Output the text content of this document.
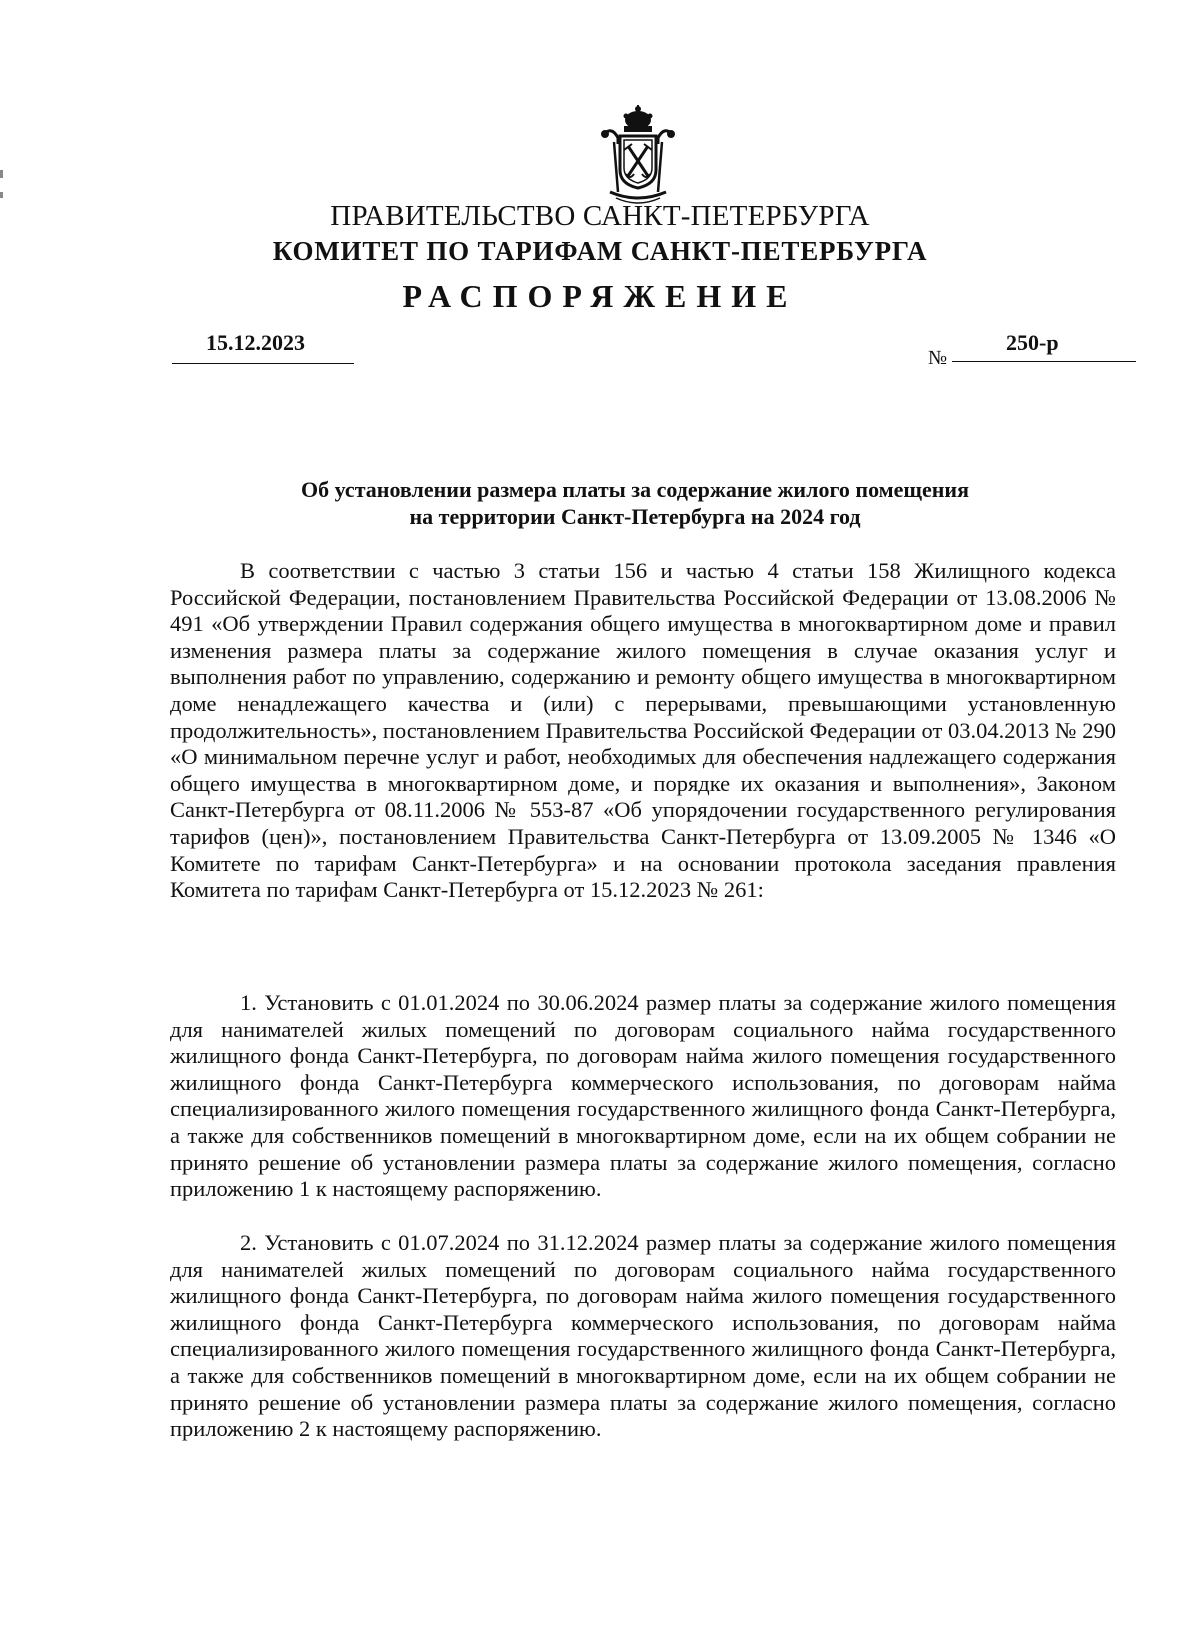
ПРАВИТЕЛЬСТВО САНКТ-ПЕТЕРБУРГА
КОМИТЕТ ПО ТАРИФАМ САНКТ-ПЕТЕРБУРГА
РАСПОРЯЖЕНИЕ
15.12.2023
№
250-р
Об установлении размера платы за содержание жилого помещения
на территории Санкт-Петербурга на 2024 год

В соответствии с частью 3 статьи 156 и частью 4 статьи 158 Жилищного кодекса Российской Федерации, постановлением Правительства Российской Федерации от 13.08.2006 № 491 «Об утверждении Правил содержания общего имущества в многоквартирном доме и правил изменения размера платы за содержание жилого помещения в случае оказания услуг и выполнения работ по управлению, содержанию и ремонту общего имущества в многоквартирном доме ненадлежащего качества и (или) с перерывами, превышающими установленную продолжительность», постановлением Правительства Российской Федерации от 03.04.2013 № 290 «О минимальном перечне услуг и работ, необходимых для обеспечения надлежащего содержания общего имущества в многоквартирном доме, и порядке их оказания и выполнения», Законом Санкт-Петербурга от 08.11.2006 № 553-87 «Об упорядочении государственного регулирования тарифов (цен)», постановлением Правительства Санкт-Петербурга от 13.09.2005 № 1346 «О Комитете по тарифам Санкт-Петербурга» и на основании протокола заседания правления Комитета по тарифам Санкт-Петербурга от 15.12.2023 № 261:

1. Установить с 01.01.2024 по 30.06.2024 размер платы за содержание жилого помещения для нанимателей жилых помещений по договорам социального найма государственного жилищного фонда Санкт-Петербурга, по договорам найма жилого помещения государственного жилищного фонда Санкт-Петербурга коммерческого использования, по договорам найма специализированного жилого помещения государственного жилищного фонда Санкт-Петербурга, а также для собственников помещений в многоквартирном доме, если на их общем собрании не принято решение об установлении размера платы за содержание жилого помещения, согласно приложению 1 к настоящему распоряжению.

2. Установить с 01.07.2024 по 31.12.2024 размер платы за содержание жилого помещения для нанимателей жилых помещений по договорам социального найма государственного жилищного фонда Санкт-Петербурга, по договорам найма жилого помещения государственного жилищного фонда Санкт-Петербурга коммерческого использования, по договорам найма специализированного жилого помещения государственного жилищного фонда Санкт-Петербурга, а также для собственников помещений в многоквартирном доме, если на их общем собрании не принято решение об установлении размера платы за содержание жилого помещения, согласно приложению 2 к настоящему распоряжению.
